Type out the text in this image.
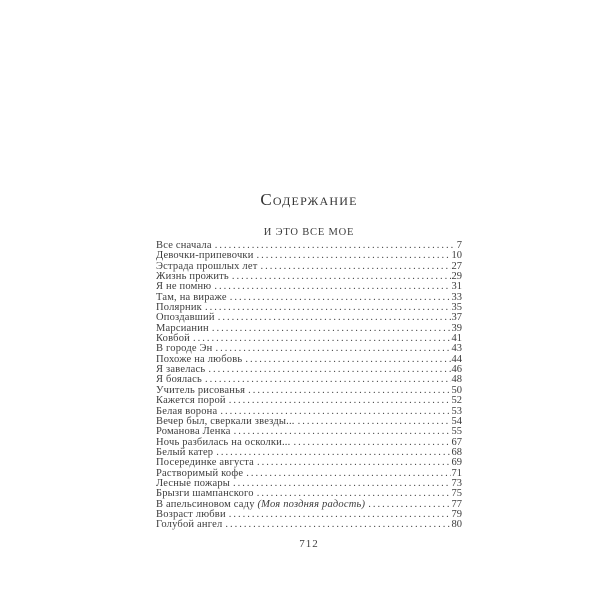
Содержание
И ЭТО ВСЕ МОЕ
Все сначала .....	7
Девочки-припевочки .....	10
Эстрада прошлых лет .....	27
Жизнь прожить .....	29
Я не помню .....	31
Там, на вираже .....	33
Полярник .....	35
Опоздавший .....	37
Марсианин .....	39
Ковбой .....	41
В городе Эн .....	43
Похоже на любовь .....	44
Я завелась .....	46
Я боялась .....	48
Учитель рисованья .....	50
Кажется порой .....	52
Белая ворона .....	53
Вечер был, сверкали звезды... .....	54
Романова Ленка .....	55
Ночь разбилась на осколки... .....	67
Белый катер .....	68
Посерединке августа .....	69
Растворимый кофе .....	71
Лесные пожары .....	73
Брызги шампанского .....	75
В апельсиновом саду (Моя поздняя радость) .....	77
Возраст любви .....	79
Голубой ангел .....	80
712
